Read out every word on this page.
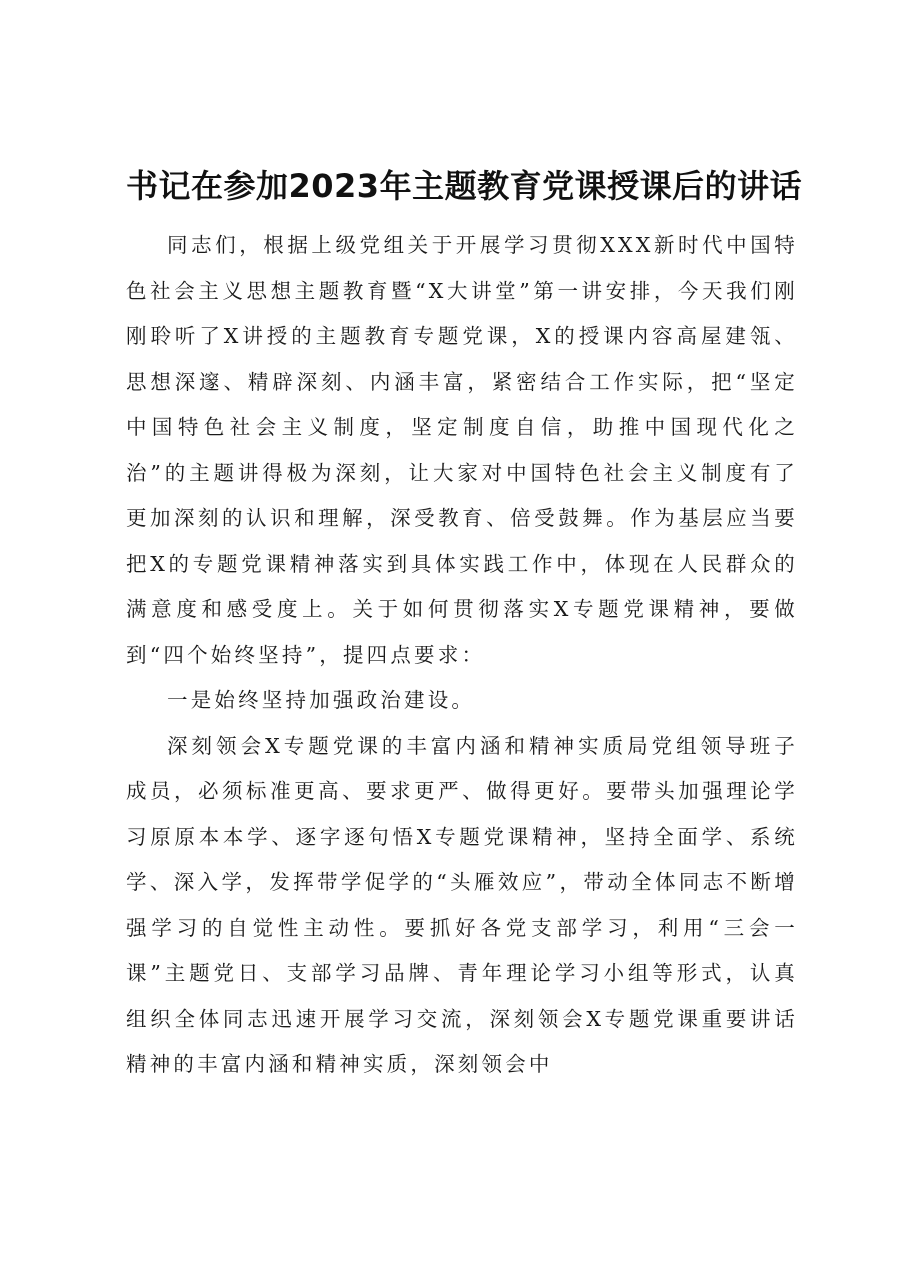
书记在参加2023年主题教育党课授课后的讲话

同志们，根据上级党组关于开展学习贯彻XXX新时代中国特色社会主义思想主题教育暨“X大讲堂”第一讲安排，今天我们刚刚聆听了X讲授的主题教育专题党课，X的授课内容高屋建瓴、思想深邃、精辟深刻、内涵丰富，紧密结合工作实际，把“坚定中国特色社会主义制度，坚定制度自信，助推中国现代化之治”的主题讲得极为深刻，让大家对中国特色社会主义制度有了更加深刻的认识和理解，深受教育、倍受鼓舞。作为基层应当要把X的专题党课精神落实到具体实践工作中，体现在人民群众的满意度和感受度上。关于如何贯彻落实X专题党课精神，要做到“四个始终坚持”，提四点要求：

一是始终坚持加强政治建设。

深刻领会X专题党课的丰富内涵和精神实质局党组领导班子成员，必须标准更高、要求更严、做得更好。要带头加强理论学习原原本本学、逐字逐句悟X专题党课精神，坚持全面学、系统学、深入学，发挥带学促学的“头雁效应”，带动全体同志不断增强学习的自觉性主动性。要抓好各党支部学习，利用“三会一课”主题党日、支部学习品牌、青年理论学习小组等形式，认真组织全体同志迅速开展学习交流，深刻领会X专题党课重要讲话精神的丰富内涵和精神实质，深刻领会中
